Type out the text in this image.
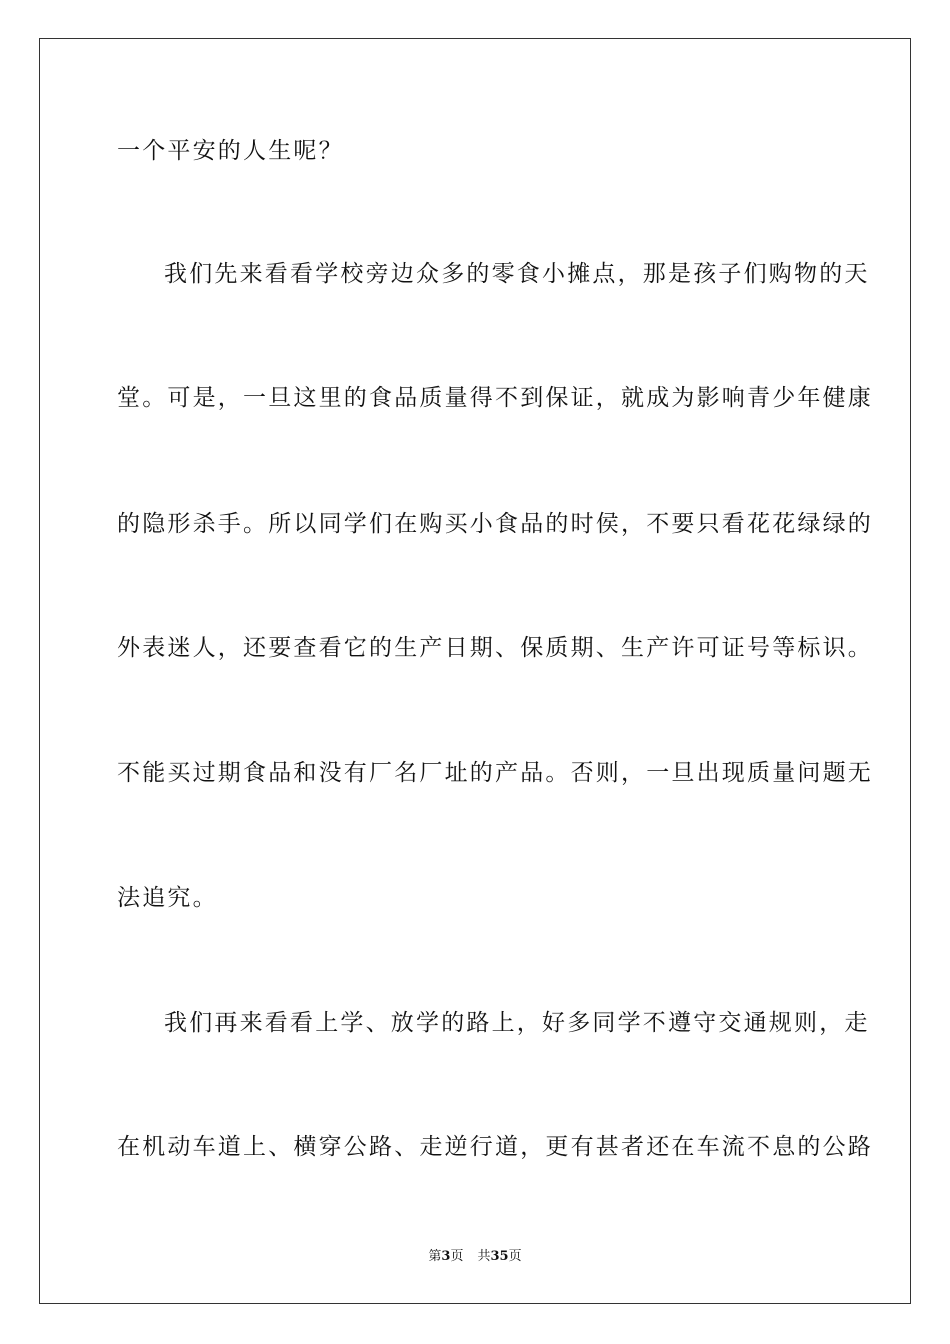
一个平安的人生呢？
我们先来看看学校旁边众多的零食小摊点，那是孩子们购物的天
堂。可是，一旦这里的食品质量得不到保证，就成为影响青少年健康
的隐形杀手。所以同学们在购买小食品的时侯，不要只看花花绿绿的
外表迷人，还要查看它的生产日期、保质期、生产许可证号等标识。
不能买过期食品和没有厂名厂址的产品。否则，一旦出现质量问题无
法追究。
我们再来看看上学、放学的路上，好多同学不遵守交通规则，走
在机动车道上、横穿公路、走逆行道，更有甚者还在车流不息的公路
第3页 共35页
